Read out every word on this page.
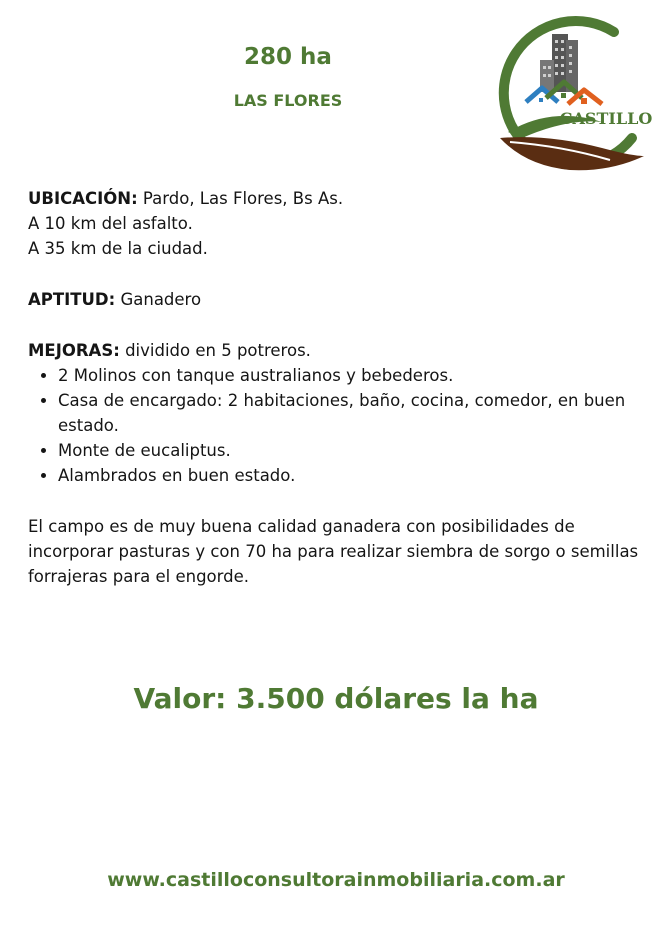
280 ha
LAS FLORES
CASTILLO

UBICACIÓN: Pardo, Las Flores, Bs As.

A 10 km del asfalto.

A 35 km de la ciudad.

APTITUD: Ganadero

MEJORAS: dividido en 5 potreros.

• 2 Molinos con tanque australianos y bebederos.
• Casa de encargado: 2 habitaciones, baño, cocina, comedor, en buen estado.
• Monte de eucaliptus.
• Alambrados en buen estado.

El campo es de muy buena calidad ganadera con posibilidades de incorporar pasturas y con 70 ha para realizar siembra de sorgo o semillas forrajeras para el engorde.

Valor: 3.500 dólares la ha
www.castilloconsultorainmobiliaria.com.ar
